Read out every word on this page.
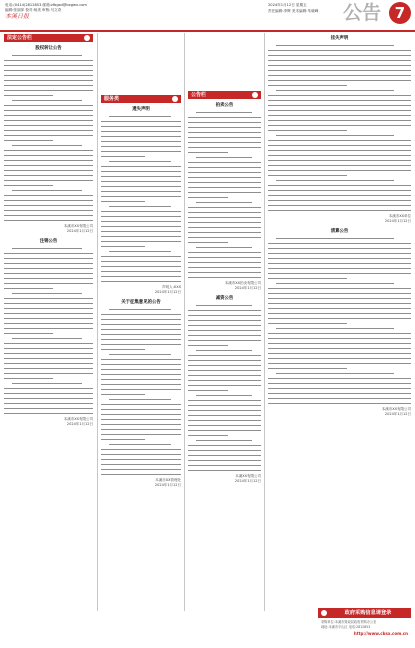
电话:(0414)2812853 邮箱:zfbgsd@bxgwx.com
编辑:张丽萍 校对:杨美 审核:马文奇
本溪日报
2024年1月12日 星期五
责任编辑:李辉 美术编辑:朱晓峰 公告 7
法定公告栏
股权转让公告
本溪市XX有限公司
2024年1月12日
注销公告
本溪市XX有限公司
2024年1月12日
服务类
遗失声明
声明人:XXX
2024年1月12日
关于征集意见的公告
本溪市XX管理处
2024年1月12日
公告栏
拍卖公告
本溪市XX拍卖有限公司
2024年1月12日
减资公告
本溪XX有限公司
2024年1月12日
挂失声明
本溪市XX单位
2024年1月12日
清算公告
本溪市XX有限公司
2024年1月12日
政府采购信息请登录
采购单位:本溪市财政局政府采购办公室
地址:本溪市平山区 电话:2812853
http://www.cbsx.com.cn
